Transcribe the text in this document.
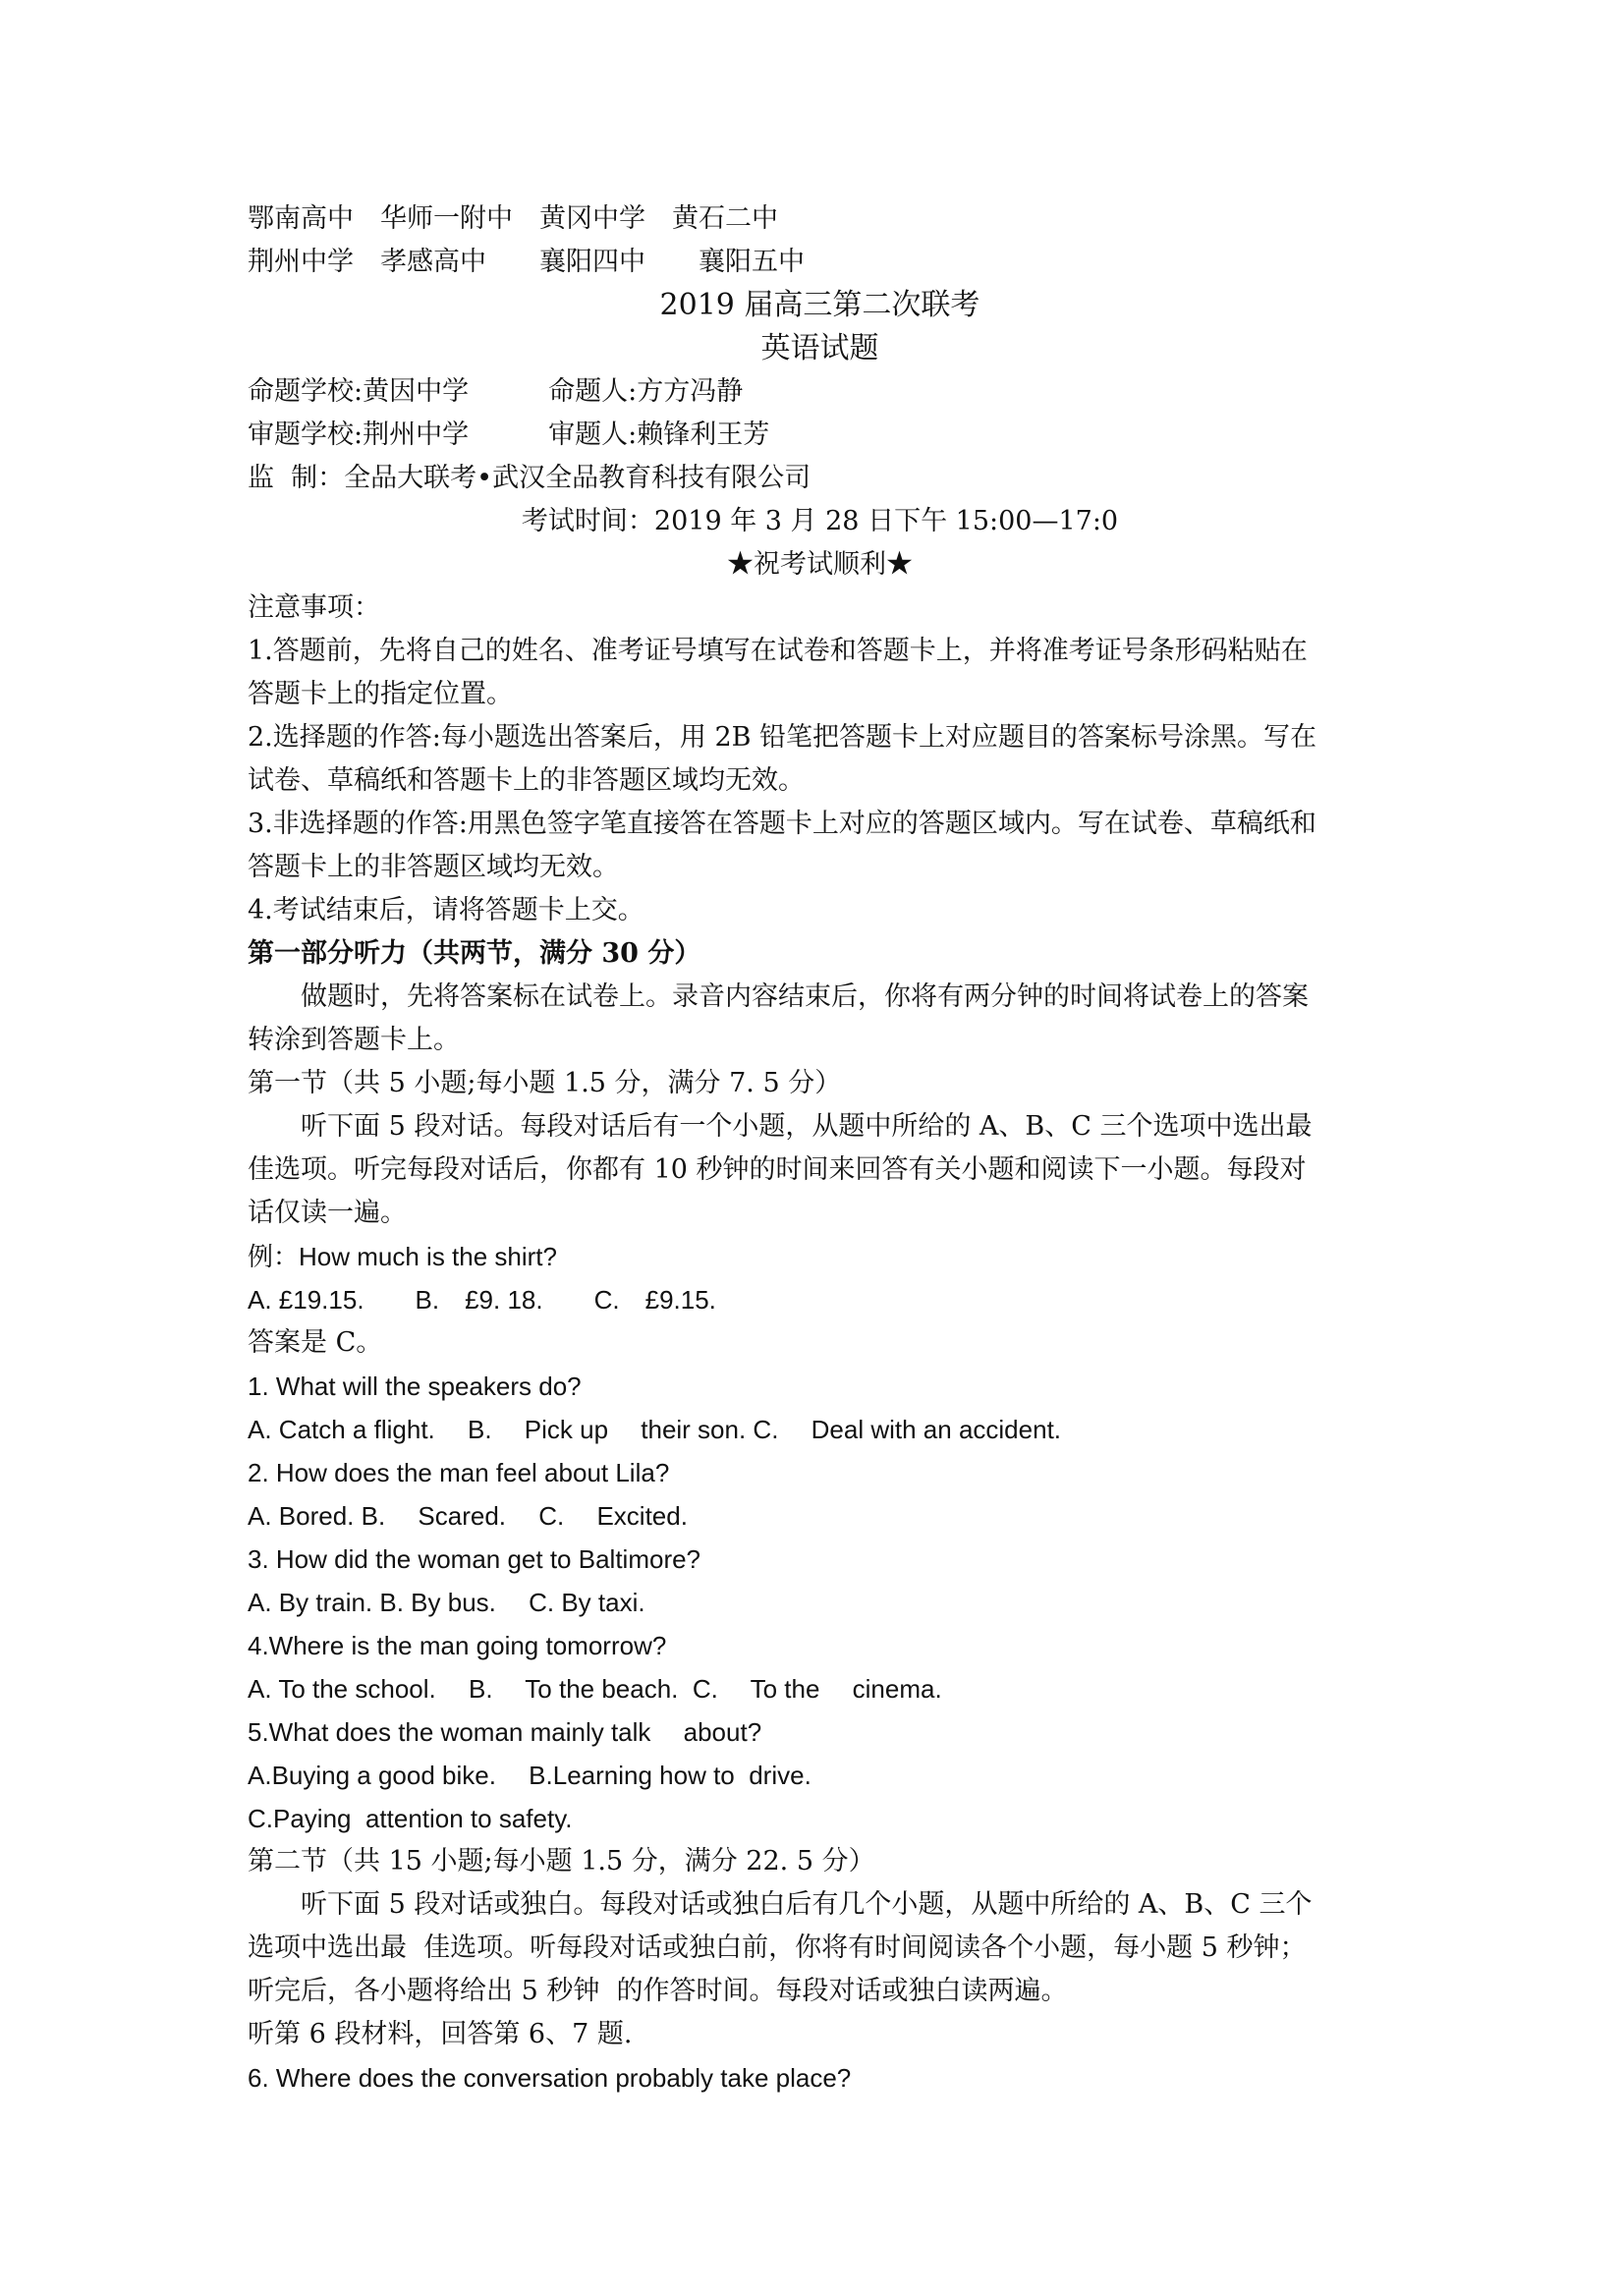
鄂南高中　华师一附中　黄冈中学　黄石二中
荆州中学　孝感高中　　襄阳四中　　襄阳五中
2019 届高三第二次联考
英语试题
命题学校:黄因中学　　　命题人:方方冯静
审题学校:荆州中学　　　审题人:赖锋利王芳
监  制：全品大联考•武汉全品教育科技有限公司
考试时间：2019 年 3 月 28 日下午 15:00—17:0
★祝考试顺利★
注意事项：
1.答题前，先将自己的姓名、准考证号填写在试卷和答题卡上，并将准考证号条形码粘贴在
答题卡上的指定位置。
2.选择题的作答:每小题选出答案后，用 2B 铅笔把答题卡上对应题目的答案标号涂黑。写在
试卷、草稿纸和答题卡上的非答题区域均无效。
3.非选择题的作答:用黑色签字笔直接答在答题卡上对应的答题区域内。写在试卷、草稿纸和
答题卡上的非答题区域均无效。
4.考试结束后，请将答题卡上交。
第一部分听力（共两节，满分 30 分）
做题时，先将答案标在试卷上。录音内容结束后，你将有两分钟的时间将试卷上的答案
转涂到答题卡上。
第一节（共 5 小题;每小题 1.5 分，满分 7. 5 分）
听下面 5 段对话。每段对话后有一个小题，从题中所给的 A、B、C 三个选项中选出最
佳选项。听完每段对话后，你都有 10 秒钟的时间来回答有关小题和阅读下一小题。每段对
话仅读一遍。
例：How much is the shirt?
A. £19.15.　　B.　£9. 18.　　C.　£9.15.
答案是 C。
1. What will the speakers do?
A. Catch a flight.　 B.　 Pick up　 their son. C.　 Deal with an accident.
2. How does the man feel about Lila?
A. Bored. B.　 Scared.　 C.　 Excited.
3. How did the woman get to Baltimore?
A. By train. B. By bus.　 C. By taxi.
4.Where is the man going tomorrow?
A. To the school.　 B.　 To the beach.  C.　 To the　 cinema.
5.What does the woman mainly talk　 about?
A.Buying a good bike.　 B.Learning how to  drive.
C.Paying  attention to safety.
第二节（共 15 小题;每小题 1.5 分，满分 22. 5 分）
听下面 5 段对话或独白。每段对话或独白后有几个小题，从题中所给的 A、B、C 三个
选项中选出最  佳选项。听每段对话或独白前，你将有时间阅读各个小题，每小题 5 秒钟；
听完后，各小题将给出 5 秒钟  的作答时间。每段对话或独白读两遍。
听第 6 段材料，回答第 6、7 题.
6. Where does the conversation probably take place?
